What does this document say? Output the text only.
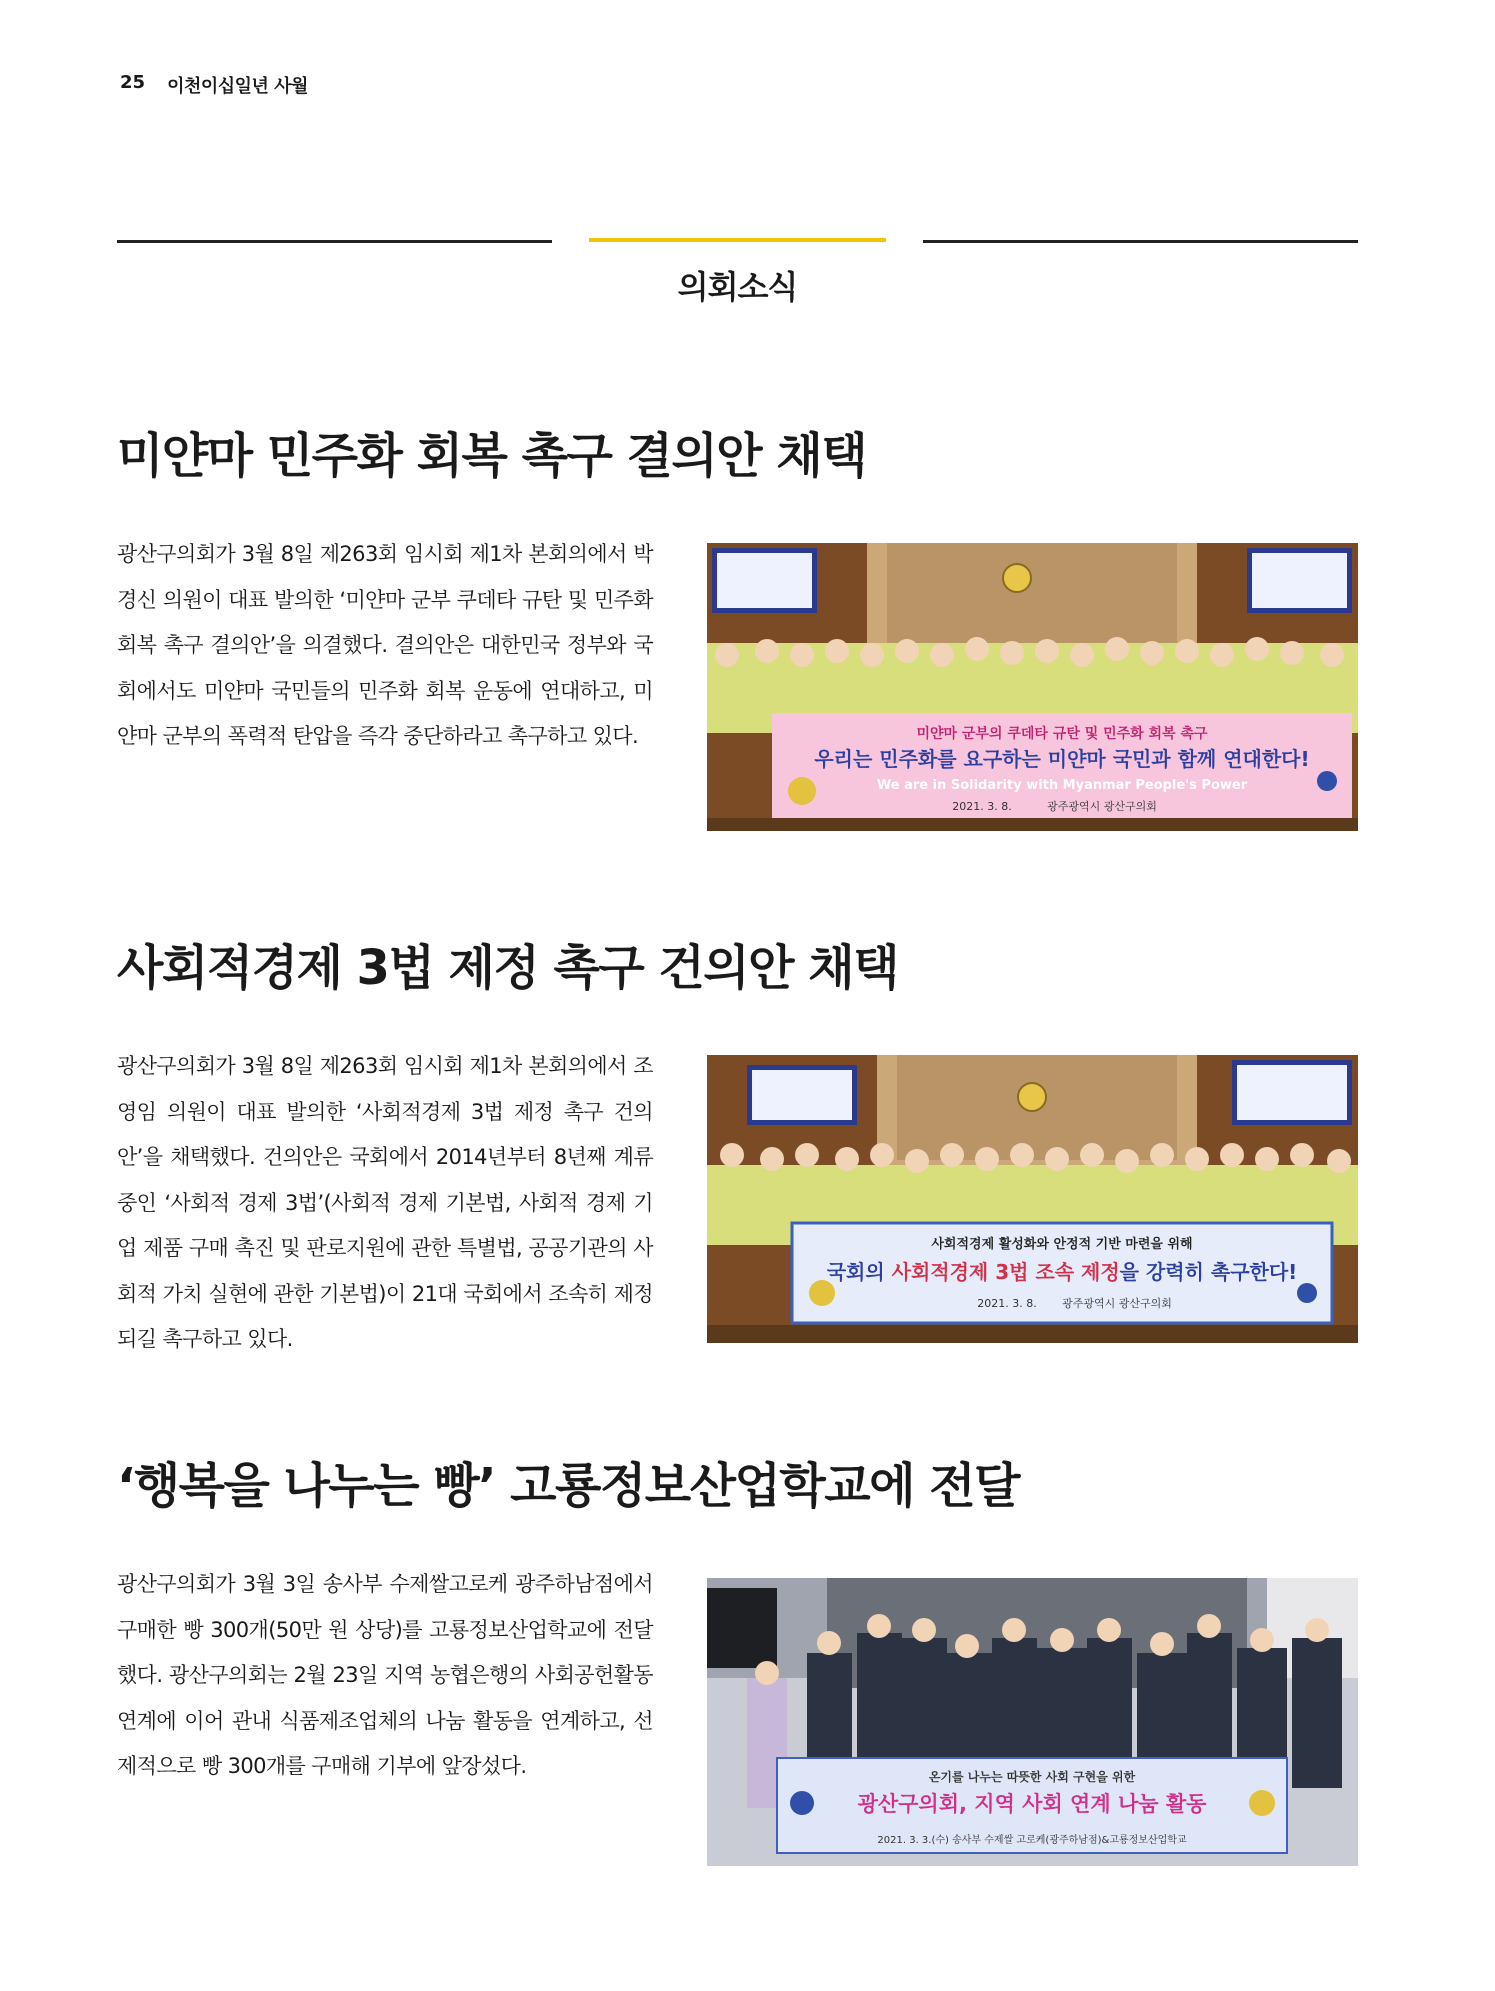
25 이천이십일년 사월
의회소식
미얀마 민주화 회복 촉구 결의안 채택

광산구의회가 3월 8일 제263회 임시회 제1차 본회의에서 박경신 의원이 대표 발의한 ‘미얀마 군부 쿠데타 규탄 및 민주화 회복 촉구 결의안’을 의결했다. 결의안은 대한민국 정부와 국회에서도 미얀마 국민들의 민주화 회복 운동에 연대하고, 미얀마 군부의 폭력적 탄압을 즉각 중단하라고 촉구하고 있다.	미얀마 군부의 쿠데타 규탄 및 민주화 회복 촉구
우리는 민주화를 요구하는 미얀마 국민과 함께 연대한다!
We are in Solidarity with Myanmar People's Power
2021. 3. 8.	광주광역시 광산구의회
사회적경제 3법 제정 촉구 건의안 채택

광산구의회가 3월 8일 제263회 임시회 제1차 본회의에서 조영임 의원이 대표 발의한 ‘사회적경제 3법 제정 촉구 건의안’을 채택했다. 건의안은 국회에서 2014년부터 8년째 계류 중인 ‘사회적 경제 3법’(사회적 경제 기본법, 사회적 경제 기업 제품 구매 촉진 및 판로지원에 관한 특별법, 공공기관의 사회적 가치 실현에 관한 기본법)이 21대 국회에서 조속히 제정되길 촉구하고 있다.

사회적경제 활성화와 안정적 기반 마련을 위해
국회의 사회적경제 3법 조속 제정을 강력히 촉구한다!
2021. 3. 8. 광주광역시 광산구의회
‘행복을 나누는 빵’ 고룡정보산업학교에 전달

광산구의회가 3월 3일 송사부 수제쌀고로케 광주하남점에서 구매한 빵 300개(50만 원 상당)를 고룡정보산업학교에 전달했다. 광산구의회는 2월 23일 지역 농협은행의 사회공헌활동 연계에 이어 관내 식품제조업체의 나눔 활동을 연계하고, 선제적으로 빵 300개를 구매해 기부에 앞장섰다.	온기를 나누는 따뜻한 사회 구현을 위한
광산구의회, 지역 사회 연계 나눔 활동
2021. 3. 3.(수) 송사부 수제쌀 고로케(광주하남점)&고룡정보산업학교
